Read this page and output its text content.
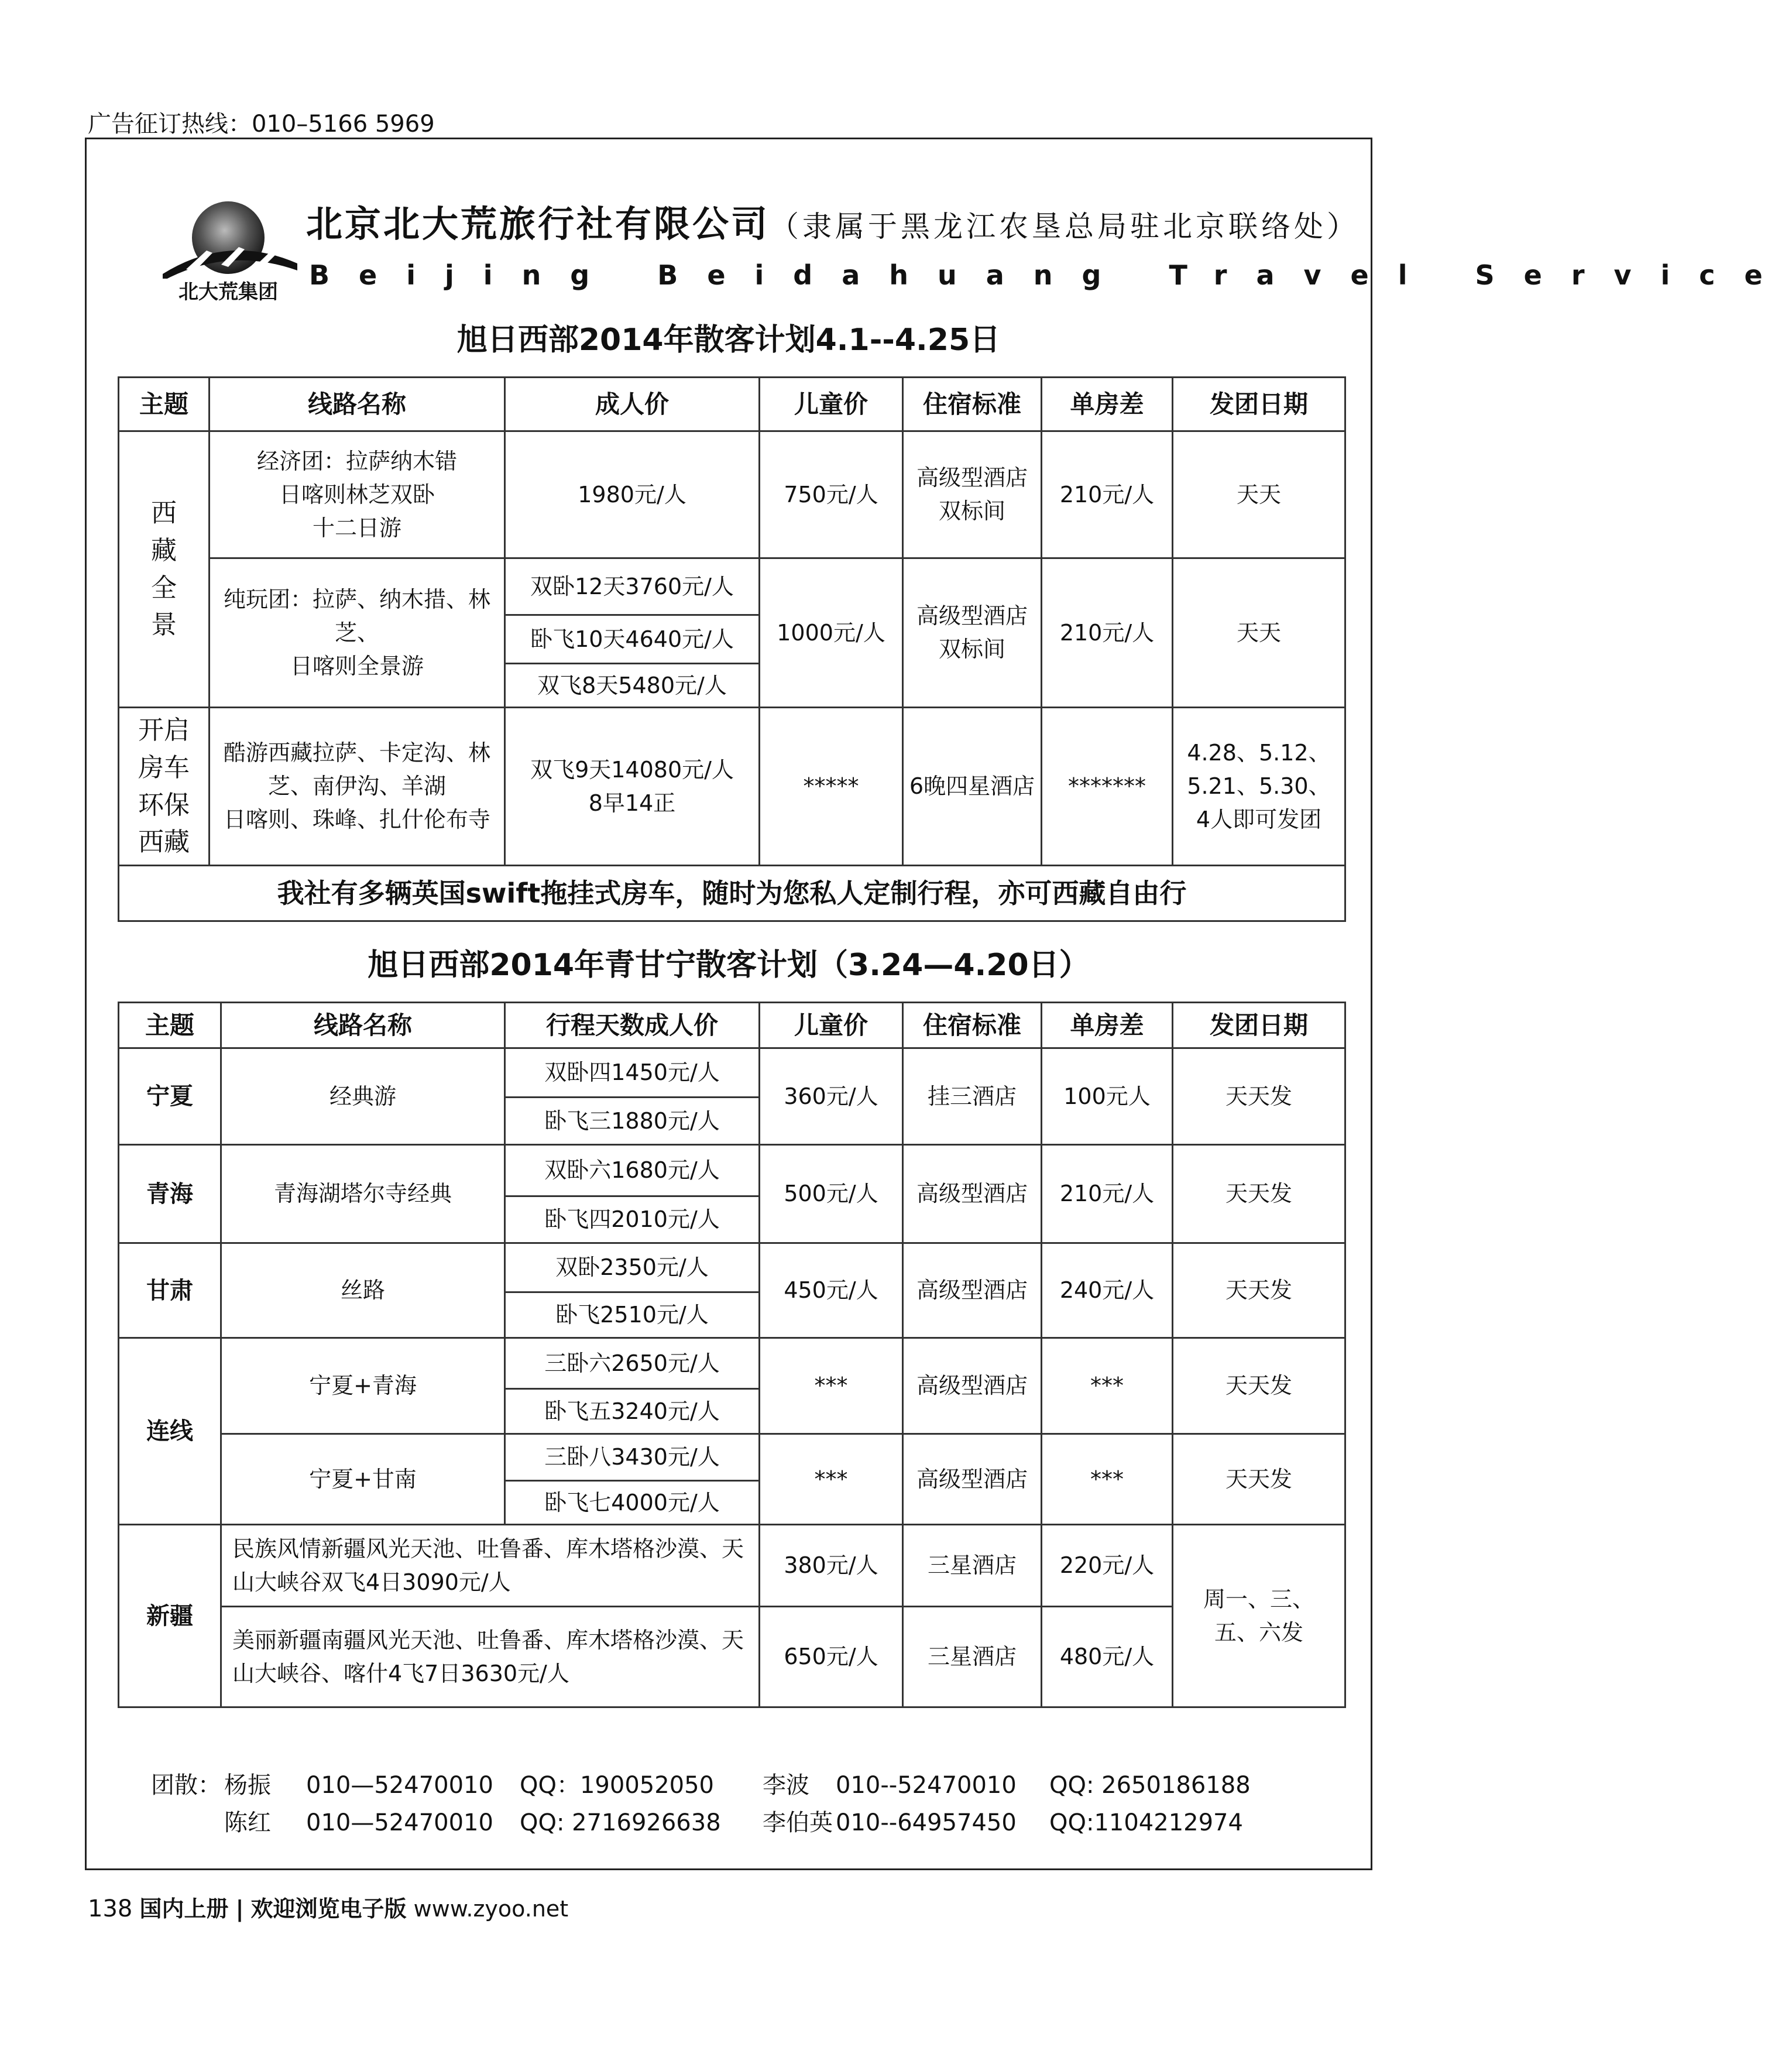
广告征订热线：010–5166 5969
北大荒集团
北京北大荒旅行社有限公司（隶属于黑龙江农垦总局驻北京联络处）
Beijing Beidahuang Travel Service
旭日西部2014年散客计划4.1--4.25日
主题	线路名称	成人价	儿童价	住宿标准	单房差	发团日期

西藏全景	经济团：拉萨纳木错
日喀则林芝双卧
十二日游	1980元/人	750元/人	高级型酒店
双标间	210元/人	天天
	纯玩团：拉萨、纳木措、林芝、
日喀则全景游	双卧12天3760元/人	1000元/人	高级型酒店
双标间	210元/人	天天
		卧飞10天4640元/人				
		双飞8天5480元/人				

开启房车环保西藏	酷游西藏拉萨、卡定沟、林芝、南伊沟、羊湖
日喀则、珠峰、扎什伦布寺	双飞9天14080元/人
8早14正	*****	6晚四星酒店	*******	4.28、5.12、
5.21、5.30、
4人即可发团
我社有多辆英国swift拖挂式房车，随时为您私人定制行程，亦可西藏自由行						
旭日西部2014年青甘宁散客计划（3.24—4.20日）
主题	线路名称	行程天数成人价	儿童价	住宿标准	单房差	发团日期
宁夏	经典游	双卧四1450元/人	360元/人	挂三酒店	100元人	天天发
		卧飞三1880元/人				
青海	青海湖塔尔寺经典	双卧六1680元/人	500元/人	高级型酒店	210元/人	天天发
		卧飞四2010元/人				
甘肃	丝路	双卧2350元/人	450元/人	高级型酒店	240元/人	天天发
		卧飞2510元/人				
连线	宁夏+青海	三卧六2650元/人	***	高级型酒店	***	天天发
		卧飞五3240元/人				
	宁夏+甘南	三卧八3430元/人	***	高级型酒店	***	天天发
		卧飞七4000元/人				
新疆	民族风情新疆风光天池、吐鲁番、库木塔格沙漠、天山大峡谷双飞4日3090元/人		380元/人	三星酒店	220元/人	周一、三、
五、六发
	美丽新疆南疆风光天池、吐鲁番、库木塔格沙漠、天山大峡谷、喀什4飞7日3630元/人		650元/人	三星酒店	480元/人	
团散： 杨振 010—52470010 QQ：190052050 李波 010--52470010 QQ: 2650186188
陈红 010—52470010 QQ: 2716926638 李伯英 010--64957450 QQ:1104212974
138 国内上册 | 欢迎浏览电子版 www.zyoo.net
